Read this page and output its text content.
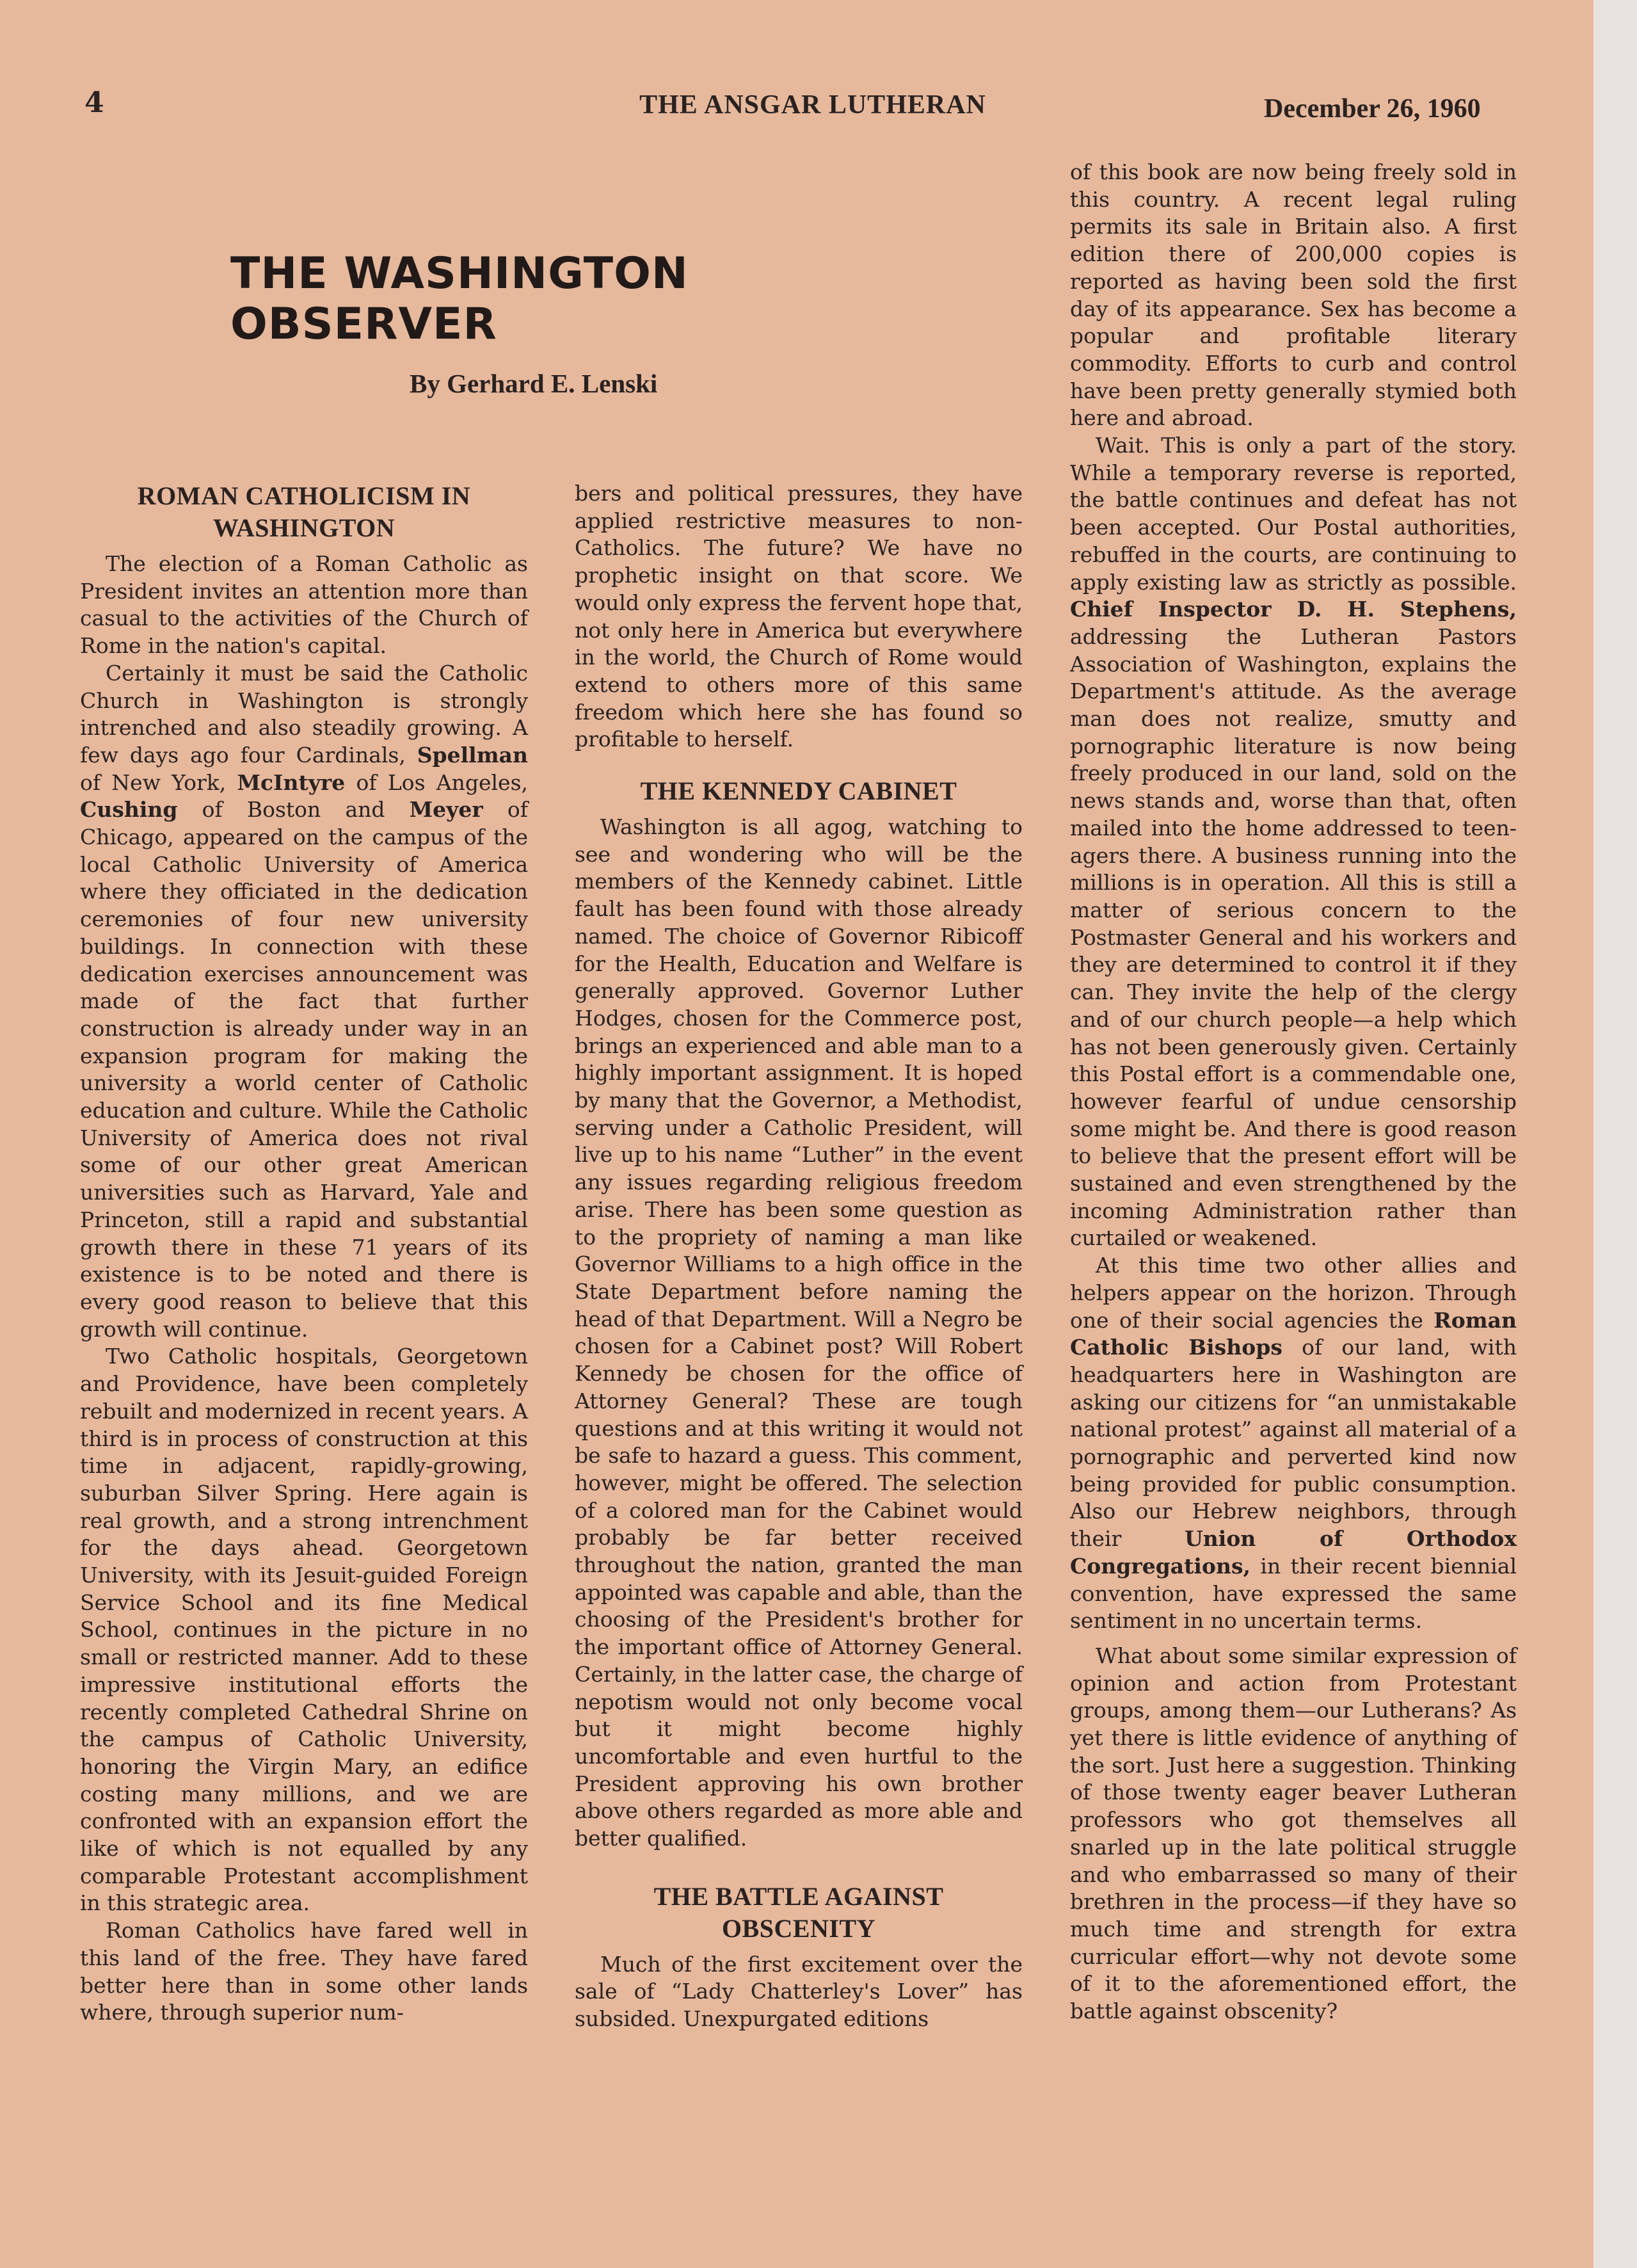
4	THE ANSGAR LUTHERAN	December 26, 1960
THE WASHINGTON OBSERVER
By Gerhard E. Lenski
ROMAN CATHOLICISM IN WASHINGTON

The election of a Roman Catholic as President invites an attention more than casual to the activities of the Church of Rome in the nation's capital.

Certainly it must be said the Catholic Church in Washington is strongly intrenched and also steadily growing. A few days ago four Cardinals, Spellman of New York, McIntyre of Los Angeles, Cushing of Boston and Meyer of Chicago, appeared on the campus of the local Catholic University of America where they officiated in the dedication ceremonies of four new university buildings. In connection with these dedication exercises announcement was made of the fact that further construction is already under way in an expansion program for making the university a world center of Catholic education and culture. While the Catholic University of America does not rival some of our other great American universities such as Harvard, Yale and Princeton, still a rapid and substantial growth there in these 71 years of its existence is to be noted and there is every good reason to believe that this growth will continue.

Two Catholic hospitals, Georgetown and Providence, have been completely rebuilt and modernized in recent years. A third is in process of construction at this time in adjacent, rapidly-growing, suburban Silver Spring. Here again is real growth, and a strong intrenchment for the days ahead. Georgetown University, with its Jesuit-guided Foreign Service School and its fine Medical School, continues in the picture in no small or restricted manner. Add to these impressive institutional efforts the recently completed Cathedral Shrine on the campus of Catholic University, honoring the Virgin Mary, an edifice costing many millions, and we are confronted with an expansion effort the like of which is not equalled by any comparable Protestant accomplishment in this strategic area.

Roman Catholics have fared well in this land of the free. They have fared better here than in some other lands where, through superior num-

bers and political pressures, they have applied restrictive measures to non-Catholics. The future? We have no prophetic insight on that score. We would only express the fervent hope that, not only here in America but everywhere in the world, the Church of Rome would extend to others more of this same freedom which here she has found so profitable to herself.

THE KENNEDY CABINET

Washington is all agog, watching to see and wondering who will be the members of the Kennedy cabinet. Little fault has been found with those already named. The choice of Governor Ribicoff for the Health, Education and Welfare is generally approved. Governor Luther Hodges, chosen for the Commerce post, brings an experienced and able man to a highly important assignment. It is hoped by many that the Governor, a Methodist, serving under a Catholic President, will live up to his name “Luther” in the event any issues regarding religious freedom arise. There has been some question as to the propriety of naming a man like Governor Williams to a high office in the State Department before naming the head of that Department. Will a Negro be chosen for a Cabinet post? Will Robert Kennedy be chosen for the office of Attorney General? These are tough questions and at this writing it would not be safe to hazard a guess. This comment, however, might be offered. The selection of a colored man for the Cabinet would probably be far better received throughout the nation, granted the man appointed was capable and able, than the choosing of the President's brother for the important office of Attorney General. Certainly, in the latter case, the charge of nepotism would not only become vocal but it might become highly uncomfortable and even hurtful to the President approving his own brother above others regarded as more able and better qualified.

THE BATTLE AGAINST OBSCENITY

Much of the first excitement over the sale of “Lady Chatterley's Lover” has subsided. Unexpurgated editions

of this book are now being freely sold in this country. A recent legal ruling permits its sale in Britain also. A first edition there of 200,000 copies is reported as having been sold the first day of its appearance. Sex has become a popular and profitable literary commodity. Efforts to curb and control have been pretty generally stymied both here and abroad.

Wait. This is only a part of the story. While a temporary reverse is reported, the battle continues and defeat has not been accepted. Our Postal authorities, rebuffed in the courts, are continuing to apply existing law as strictly as possible. Chief Inspector D. H. Stephens, addressing the Lutheran Pastors Association of Washington, explains the Department's attitude. As the average man does not realize, smutty and pornographic literature is now being freely produced in our land, sold on the news stands and, worse than that, often mailed into the home addressed to teen-agers there. A business running into the millions is in operation. All this is still a matter of serious concern to the Postmaster General and his workers and they are determined to control it if they can. They invite the help of the clergy and of our church people—a help which has not been generously given. Certainly this Postal effort is a commendable one, however fearful of undue censorship some might be. And there is good reason to believe that the present effort will be sustained and even strengthened by the incoming Administration rather than curtailed or weakened.

At this time two other allies and helpers appear on the horizon. Through one of their social agencies the Roman Catholic Bishops of our land, with headquarters here in Washington are asking our citizens for “an unmistakable national protest” against all material of a pornographic and perverted kind now being provided for public consumption. Also our Hebrew neighbors, through their Union of Orthodox Congregations, in their recent biennial convention, have expressed the same sentiment in no uncertain terms.

What about some similar expression of opinion and action from Protestant groups, among them—our Lutherans? As yet there is little evidence of anything of the sort. Just here a suggestion. Thinking of those twenty eager beaver Lutheran professors who got themselves all snarled up in the late political struggle and who embarrassed so many of their brethren in the process—if they have so much time and strength for extra curricular effort—why not devote some of it to the aforementioned effort, the battle against obscenity?
